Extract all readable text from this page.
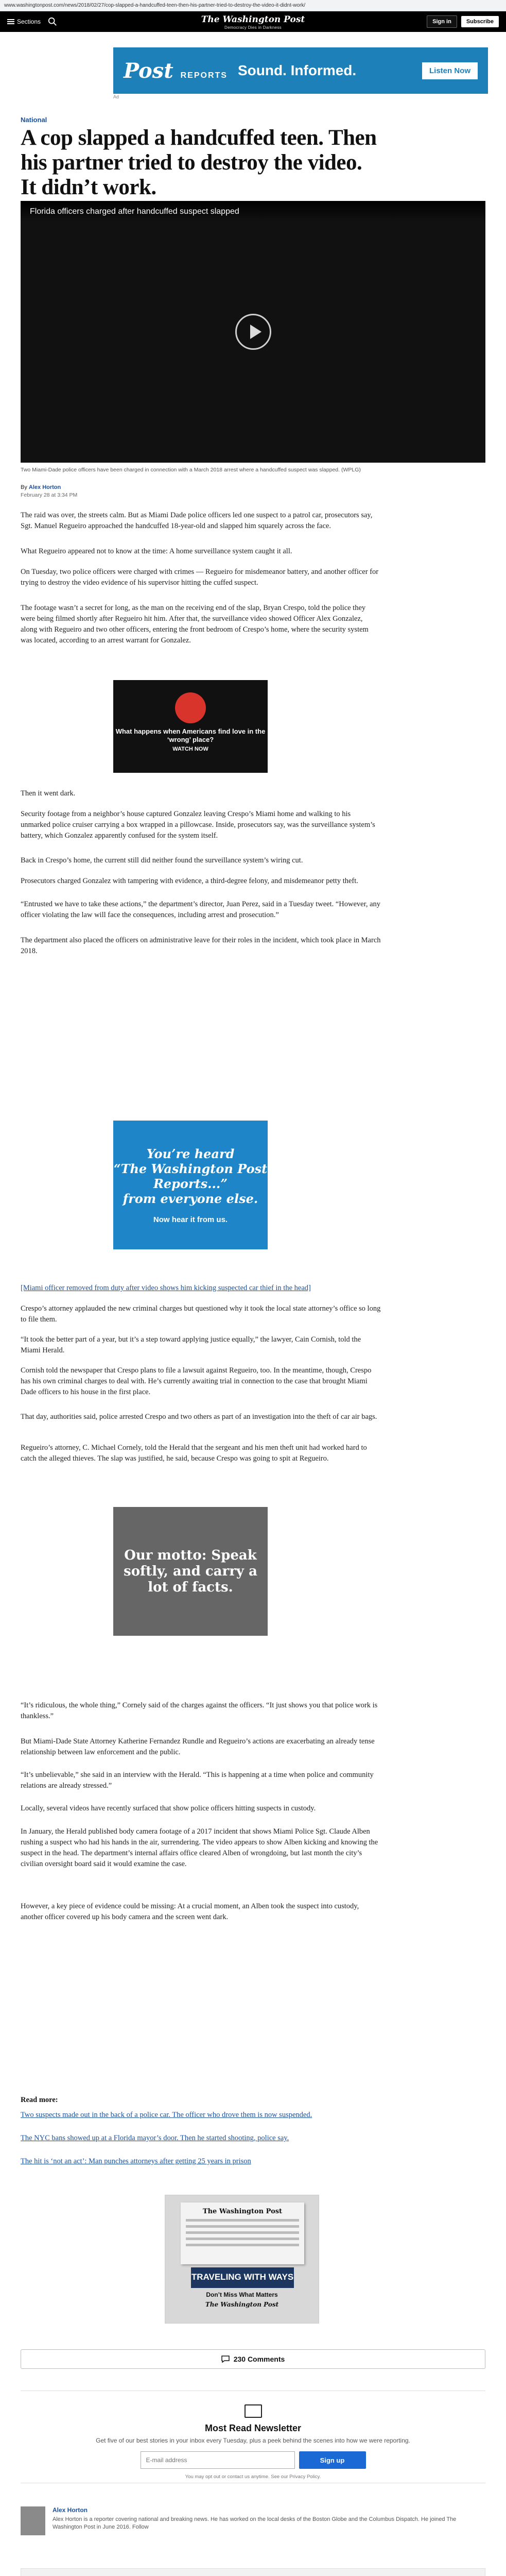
www.washingtonpost.com/news/2018/02/27/cop-slapped-a-handcuffed-teen-then-his-partner-tried-to-destroy-the-video-it-didnt-work/
Sections	The Washington Post
Democracy Dies in Darkness
Sign in	Subscribe
Post REPORTS Sound. Informed.	Listen Now
Ad
National
A cop slapped a handcuffed teen. Then his partner tried to destroy the video. It didn’t work.
Florida officers charged after handcuffed suspect slapped
Two Miami-Dade police officers have been charged in connection with a March 2018 arrest where a handcuffed suspect was slapped. (WPLG)
By Alex Horton
February 28 at 3:34 PM

The raid was over, the streets calm. But as Miami Dade police officers led one suspect to a patrol car, prosecutors say, Sgt. Manuel Regueiro approached the handcuffed 18-year-old and slapped him squarely across the face.

What Regueiro appeared not to know at the time: A home surveillance system caught it all.

On Tuesday, two police officers were charged with crimes — Regueiro for misdemeanor battery, and another officer for trying to destroy the video evidence of his supervisor hitting the cuffed suspect.

The footage wasn’t a secret for long, as the man on the receiving end of the slap, Bryan Crespo, told the police they were being filmed shortly after Regueiro hit him. After that, the surveillance video showed Officer Alex Gonzalez, along with Regueiro and two other officers, entering the front bedroom of Crespo’s home, where the security system was located, according to an arrest warrant for Gonzalez.

What happens when Americans find love in the ‘wrong’ place?
WATCH NOW

Then it went dark.

Security footage from a neighbor’s house captured Gonzalez leaving Crespo’s Miami home and walking to his unmarked police cruiser carrying a box wrapped in a pillowcase. Inside, prosecutors say, was the surveillance system’s battery, which Gonzalez apparently confused for the system itself.

Back in Crespo’s home, the current still did neither found the surveillance system’s wiring cut.

Prosecutors charged Gonzalez with tampering with evidence, a third-degree felony, and misdemeanor petty theft.

“Entrusted we have to take these actions,” the department’s director, Juan Perez, said in a Tuesday tweet. “However, any officer violating the law will face the consequences, including arrest and prosecution.”

The department also placed the officers on administrative leave for their roles in the incident, which took place in March 2018.

You’re heard
“The Washington Post Reports...”
from everyone else.
Now hear it from us.

[Miami officer removed from duty after video shows him kicking suspected car thief in the head]

Crespo’s attorney applauded the new criminal charges but questioned why it took the local state attorney’s office so long to file them.

“It took the better part of a year, but it’s a step toward applying justice equally,” the lawyer, Cain Cornish, told the Miami Herald.

Cornish told the newspaper that Crespo plans to file a lawsuit against Regueiro, too. In the meantime, though, Crespo has his own criminal charges to deal with. He’s currently awaiting trial in connection to the case that brought Miami Dade officers to his house in the first place.

That day, authorities said, police arrested Crespo and two others as part of an investigation into the theft of car air bags.

Regueiro’s attorney, C. Michael Cornely, told the Herald that the sergeant and his men theft unit had worked hard to catch the alleged thieves. The slap was justified, he said, because Crespo was going to spit at Regueiro.

Our motto: Speak softly, and carry a lot of facts.

“It’s ridiculous, the whole thing,” Cornely said of the charges against the officers. “It just shows you that police work is thankless.”

But Miami-Dade State Attorney Katherine Fernandez Rundle and Regueiro’s actions are exacerbating an already tense relationship between law enforcement and the public.

“It’s unbelievable,” she said in an interview with the Herald. “This is happening at a time when police and community relations are already stressed.”

Locally, several videos have recently surfaced that show police officers hitting suspects in custody.

In January, the Herald published body camera footage of a 2017 incident that shows Miami Police Sgt. Claude Alben rushing a suspect who had his hands in the air, surrendering. The video appears to show Alben kicking and knowing the suspect in the head. The department’s internal affairs office cleared Alben of wrongdoing, but last month the city’s civilian oversight board said it would examine the case.

However, a key piece of evidence could be missing: At a crucial moment, an Alben took the suspect into custody, another officer covered up his body camera and the screen went dark.

Read more:

Two suspects made out in the back of a police car. The officer who drove them is now suspended.

The NYC bans showed up at a Florida mayor’s door. Then he started shooting, police say.

The hit is ‘not an act’: Man punches attorneys after getting 25 years in prison

The Washington Post
TRAVELING WITH WAYS
Don’t Miss What Matters
The Washington Post
230 Comments
Most Read Newsletter
Get five of our best stories in your inbox every Tuesday, plus a peek behind the scenes into how we were reporting.
E-mail address
Sign up
You may opt out or contact us anytime. See our Privacy Policy.
Alex Horton
Alex Horton is a reporter covering national and breaking news. He has worked on the local desks of the Boston Globe and the Columbus Dispatch. He joined The Washington Post in June 2016. Follow
